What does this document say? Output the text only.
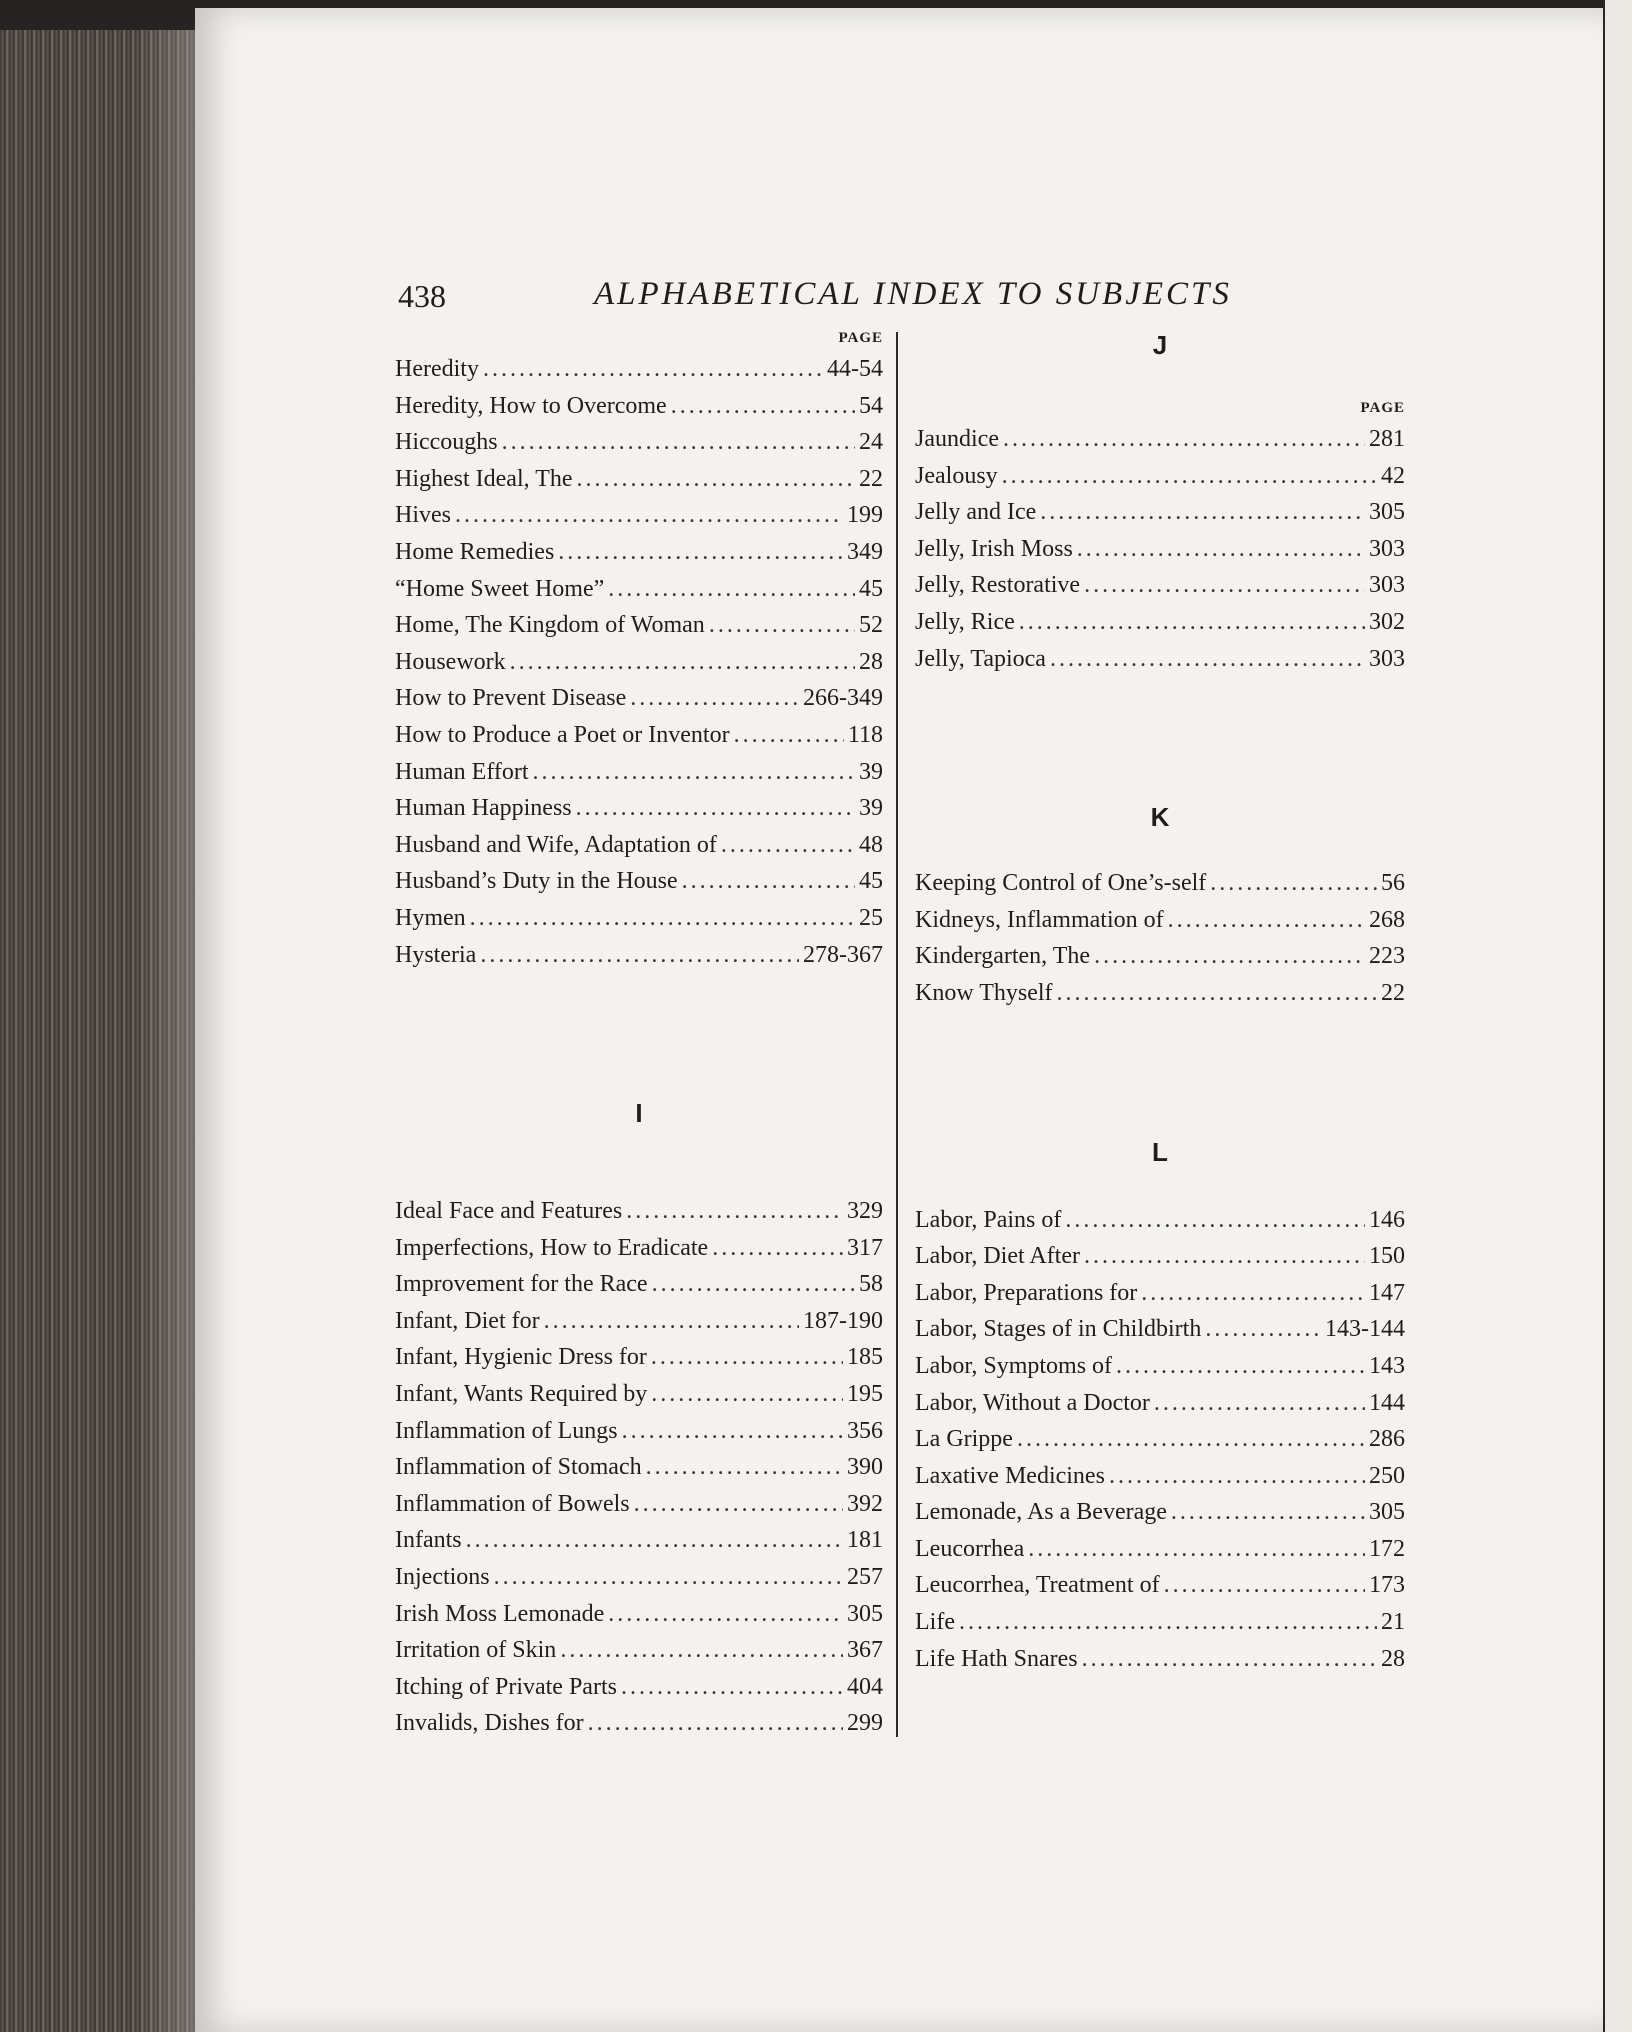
438	ALPHABETICAL INDEX TO SUBJECTS
PAGE
Heredity .....	44-54
Heredity, How to Overcome .....	54
Hiccoughs .....	24
Highest Ideal, The .....	22
Hives .....	199
Home Remedies .....	349
“Home Sweet Home” .....	45
Home, The Kingdom of Woman .....	52
Housework .....	28
How to Prevent Disease .....	266-349
How to Produce a Poet or Inventor .....	118
Human Effort .....	39
Human Happiness .....	39
Husband and Wife, Adaptation of .....	48
Husband’s Duty in the House .....	45
Hymen .....	25
Hysteria .....	278-367
I
Ideal Face and Features .....	329
Imperfections, How to Eradicate .....	317
Improvement for the Race .....	58
Infant, Diet for .....	187-190
Infant, Hygienic Dress for .....	185
Infant, Wants Required by .....	195
Inflammation of Lungs .....	356
Inflammation of Stomach .....	390
Inflammation of Bowels .....	392
Infants .....	181
Injections .....	257
Irish Moss Lemonade .....	305
Irritation of Skin .....	367
Itching of Private Parts .....	404
Invalids, Dishes for .....	299
J
PAGE
Jaundice .....	281
Jealousy .....	42
Jelly and Ice .....	305
Jelly, Irish Moss .....	303
Jelly, Restorative .....	303
Jelly, Rice .....	302
Jelly, Tapioca .....	303
K
Keeping Control of One’s-self .....	56
Kidneys, Inflammation of .....	268
Kindergarten, The .....	223
Know Thyself .....	22
L
Labor, Pains of .....	146
Labor, Diet After .....	150
Labor, Preparations for .....	147
Labor, Stages of in Childbirth .....	143-144
Labor, Symptoms of .....	143
Labor, Without a Doctor .....	144
La Grippe .....	286
Laxative Medicines .....	250
Lemonade, As a Beverage .....	305
Leucorrhea .....	172
Leucorrhea, Treatment of .....	173
Life .....	21
Life Hath Snares .....	28
